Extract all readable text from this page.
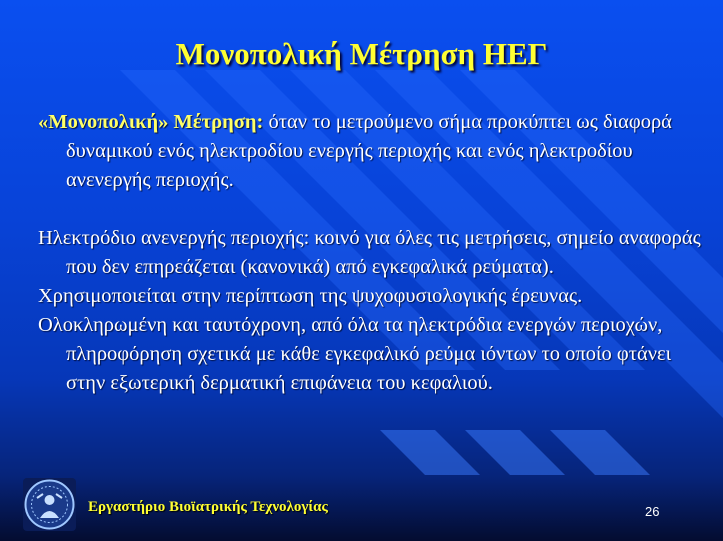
Μονοπολική Μέτρηση ΗΕΓ

«Μονοπολική» Μέτρηση: όταν το μετρούμενο σήμα προκύπτει ως διαφορά δυναμικού ενός ηλεκτροδίου ενεργής περιοχής και ενός ηλεκτροδίου ανενεργής περιοχής.

Ηλεκτρόδιο ανενεργής περιοχής: κοινό για όλες τις μετρήσεις, σημείο αναφοράς που δεν επηρεάζεται (κανονικά) από εγκεφαλικά ρεύματα).

Χρησιμοποιείται στην περίπτωση της ψυχοφυσιολογικής έρευνας.

Ολοκληρωμένη και ταυτόχρονη, από όλα τα ηλεκτρόδια ενεργών περιοχών, πληροφόρηση σχετικά με κάθε εγκεφαλικό ρεύμα ιόντων το οποίο φτάνει στην εξωτερική δερματική επιφάνεια του κεφαλιού.

Εργαστήριο Βιοϊατρικής Τεχνολογίας	26
